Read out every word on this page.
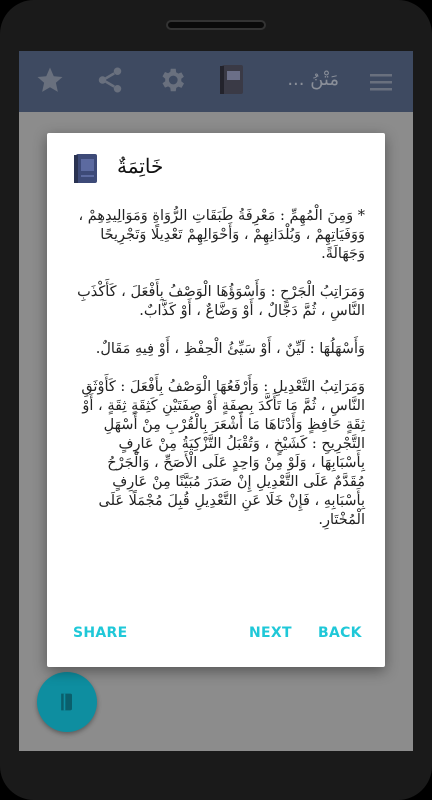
مَتْنُ ...
خَاتِمَةٌ

* وَمِنَ الْمُهِمِّ : مَعْرِفَةُ طَبَقَاتِ الرُّوَاةِ وَمَوَالِيدِهِمْ ، وَوَفَيَاتِهِمْ ، وَبُلْدَانِهِمْ ، وَأَحْوَالِهِمْ تَعْدِيلًا وَتَجْرِيحًا وَجَهَالَةً.

وَمَرَاتِبُ الْجَرْحِ : وَأَسْوَؤُهَا الْوَصْفُ بِأَفْعَلَ ، كَأَكْذَبِ النَّاسِ ، ثُمَّ دَجَّالٌ ، أَوْ وَضَّاعٌ ، أَوْ كَذَّابٌ.

وَأَسْهَلُهَا : لَيِّنٌ ، أَوْ سَيِّئُ الْحِفْظِ ، أَوْ فِيهِ مَقَالٌ.

وَمَرَاتِبُ التَّعْدِيلِ : وَأَرْفَعُهَا الْوَصْفُ بِأَفْعَلَ : كَأَوْثَقِ النَّاسِ ، ثُمَّ مَا تَأَكَّدَ بِصِفَةٍ أَوْ صِفَتَيْنِ كَثِقَةٍ ثِقَةٍ ، أَوْ ثِقَةٍ حَافِظٍ وَأَدْنَاهَا مَا أَشْعَرَ بِالْقُرْبِ مِنْ أَسْهَلِ التَّجْرِيحِ : كَشَيْخٍ ، وَتُقْبَلُ التَّزْكِيَةُ مِنْ عَارِفٍ بِأَسْبَابِهَا ، وَلَوْ مِنْ وَاحِدٍ عَلَى الْأَصَحِّ ، وَالْجَرْحُ مُقَدَّمٌ عَلَى التَّعْدِيلِ إِنْ صَدَرَ مُبَيَّنًا مِنْ عَارِفٍ بِأَسْبَابِهِ ، فَإِنْ خَلَا عَنِ التَّعْدِيلِ قُبِلَ مُجْمَلًا عَلَى الْمُخْتَارِ.

SHARE	NEXT BACK
